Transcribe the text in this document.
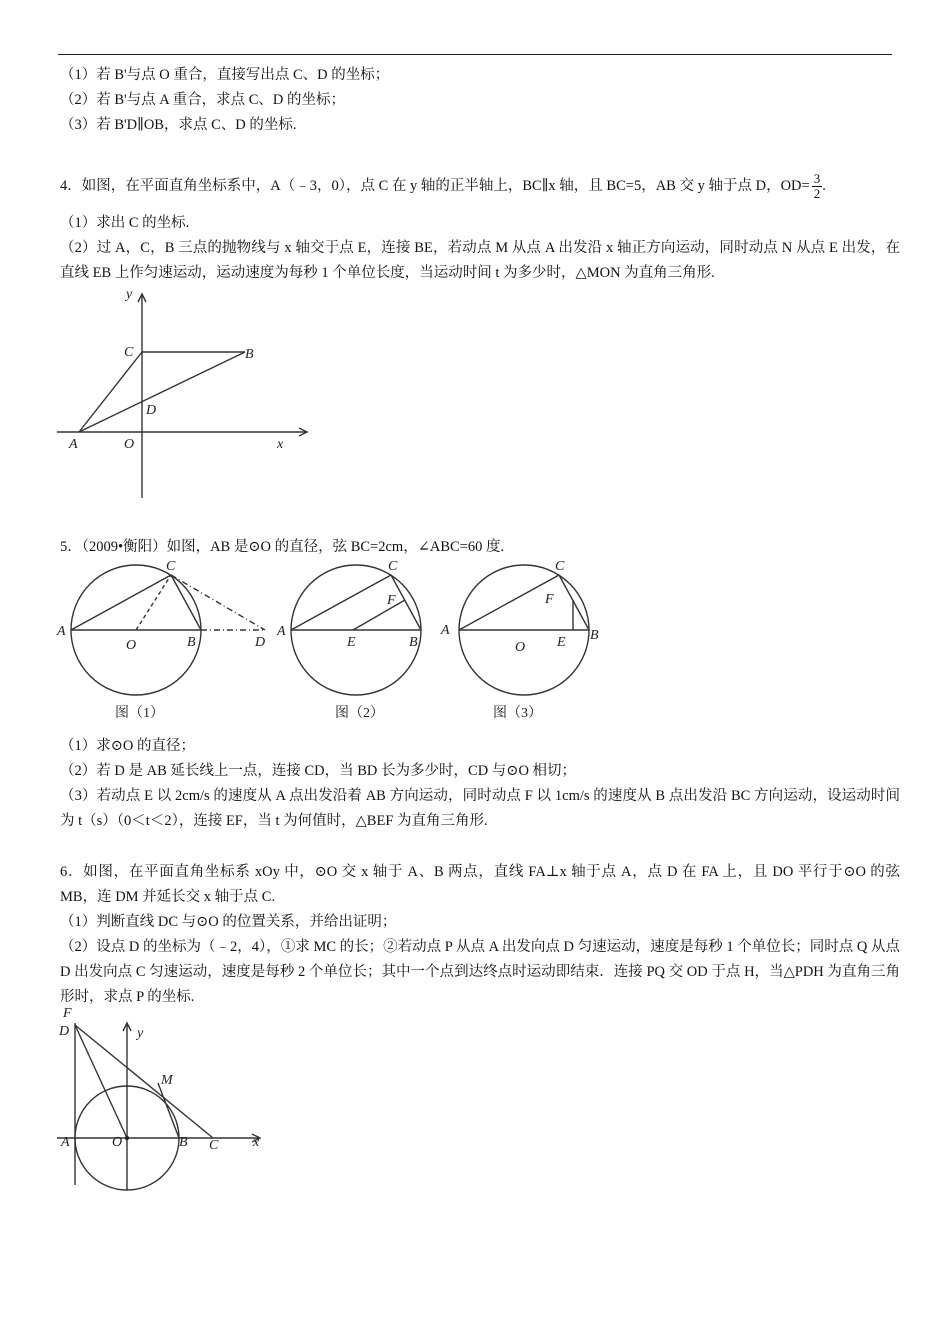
（1）若 B'与点 O 重合，直接写出点 C、D 的坐标；
（2）若 B'与点 A 重合，求点 C、D 的坐标；
（3）若 B'D∥OB，求点 C、D 的坐标.
4．如图，在平面直角坐标系中，A（﹣3，0），点 C 在 y 轴的正半轴上，BC∥x 轴，且 BC=5，AB 交 y 轴于点 D，$OD= \frac{3}{2}$ .
（1）求出 C 的坐标.
（2）过 A，C，B 三点的抛物线与 x 轴交于点 E，连接 BE，若动点 M 从点 A 出发沿 x 轴正方向运动，同时动点 N 从点 E 出发，在直线 EB 上作匀速运动，运动速度为每秒 1 个单位长度，当运动时间 t 为多少时，△MON 为直角三角形.
y
x
A	O
C	B
D
5．（2009•衡阳）如图，AB 是⊙O 的直径，弦 BC=2cm，∠ABC=60 度.
A
O	B
C
D
A
E	B
C
F
A
O E B
C
F
图（1）	图（2）	图（3）
（1）求⊙O 的直径；
（2）若 D 是 AB 延长线上一点，连接 CD，当 BD 长为多少时，CD 与⊙O 相切；
（3）若动点 E 以 2cm/s 的速度从 A 点出发沿着 AB 方向运动，同时动点 F 以 1cm/s 的速度从 B 点出发沿 BC 方向运动，设运动时间为 t（s）（0＜t＜2），连接 EF，当 t 为何值时，△BEF 为直角三角形.
6．如图，在平面直角坐标系 xOy 中，⊙O 交 x 轴于 A、B 两点，直线 FA⊥x 轴于点 A，点 D 在 FA 上，且 DO 平行于⊙O 的弦 MB，连 DM 并延长交 x 轴于点 C.
（1）判断直线 DC 与⊙O 的位置关系，并给出证明；
（2）设点 D 的坐标为（﹣2，4），①求 MC 的长；②若动点 P 从点 A 出发向点 D 匀速运动，速度是每秒 1 个单位长；同时点 Q 从点 D 出发向点 C 匀速运动，速度是每秒 2 个单位长；其中一个点到达终点时运动即结束．连接 PQ 交 OD 于点 H，当△PDH 为直角三角形时，求点 P 的坐标.
F
D	y
M
A	O	B C x
